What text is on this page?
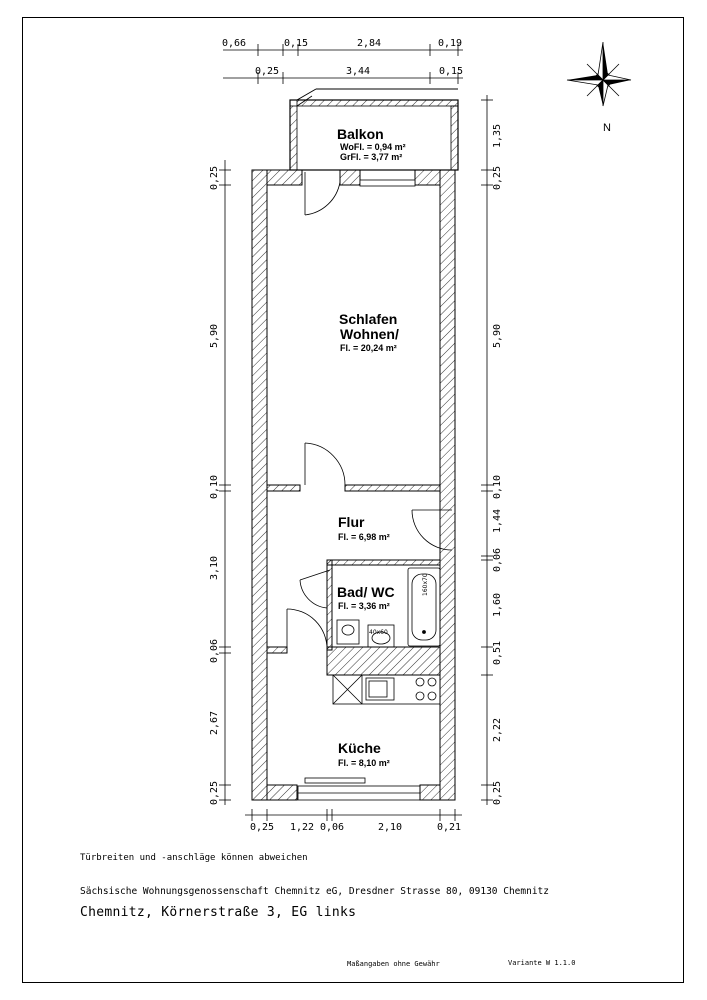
0,66	0,15	2,84	0,19
0,25	3,44	0,15
N
Balkon
WoFl. = 0,94 m²
GrFl. = 3,77 m²
160x70
40x60
Schlafen
Wohnen/
Fl. = 20,24 m²
Flur
Fl. = 6,98 m²
Bad/ WC
Fl. = 3,36 m²
Küche
Fl. = 8,10 m²
0,25
5,90
0,10
3,10
0,06
2,67
0,25
1,35
0,25
5,90
0,10
1,44
0,06
1,60
0,51
2,22
0,25
0,25 1,22 0,06	2,10	0,21
Türbreiten und -anschläge können abweichen
Sächsische Wohnungsgenossenschaft Chemnitz eG, Dresdner Strasse 80, 09130 Chemnitz
Chemnitz, Körnerstraße 3, EG links
Maßangaben ohne Gewähr	Variante W 1.1.0
